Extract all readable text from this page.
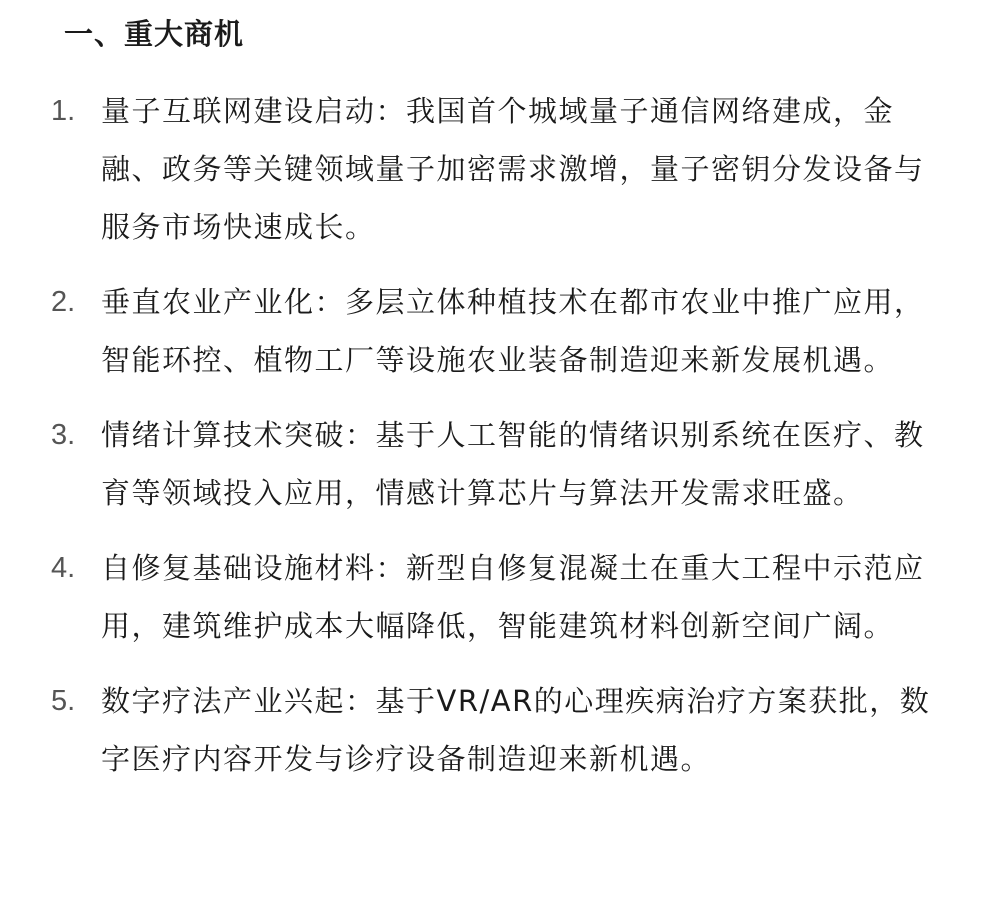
一、重大商机
1. 量子互联网建设启动：我国首个城域量子通信网络建成，金融、政务等关键领域量子加密需求激增，量子密钥分发设备与服务市场快速成长。
2. 垂直农业产业化：多层立体种植技术在都市农业中推广应用，智能环控、植物工厂等设施农业装备制造迎来新发展机遇。
3. 情绪计算技术突破：基于人工智能的情绪识别系统在医疗、教育等领域投入应用，情感计算芯片与算法开发需求旺盛。
4. 自修复基础设施材料：新型自修复混凝土在重大工程中示范应用，建筑维护成本大幅降低，智能建筑材料创新空间广阔。
5. 数字疗法产业兴起：基于VR/AR的心理疾病治疗方案获批，数字医疗内容开发与诊疗设备制造迎来新机遇。
